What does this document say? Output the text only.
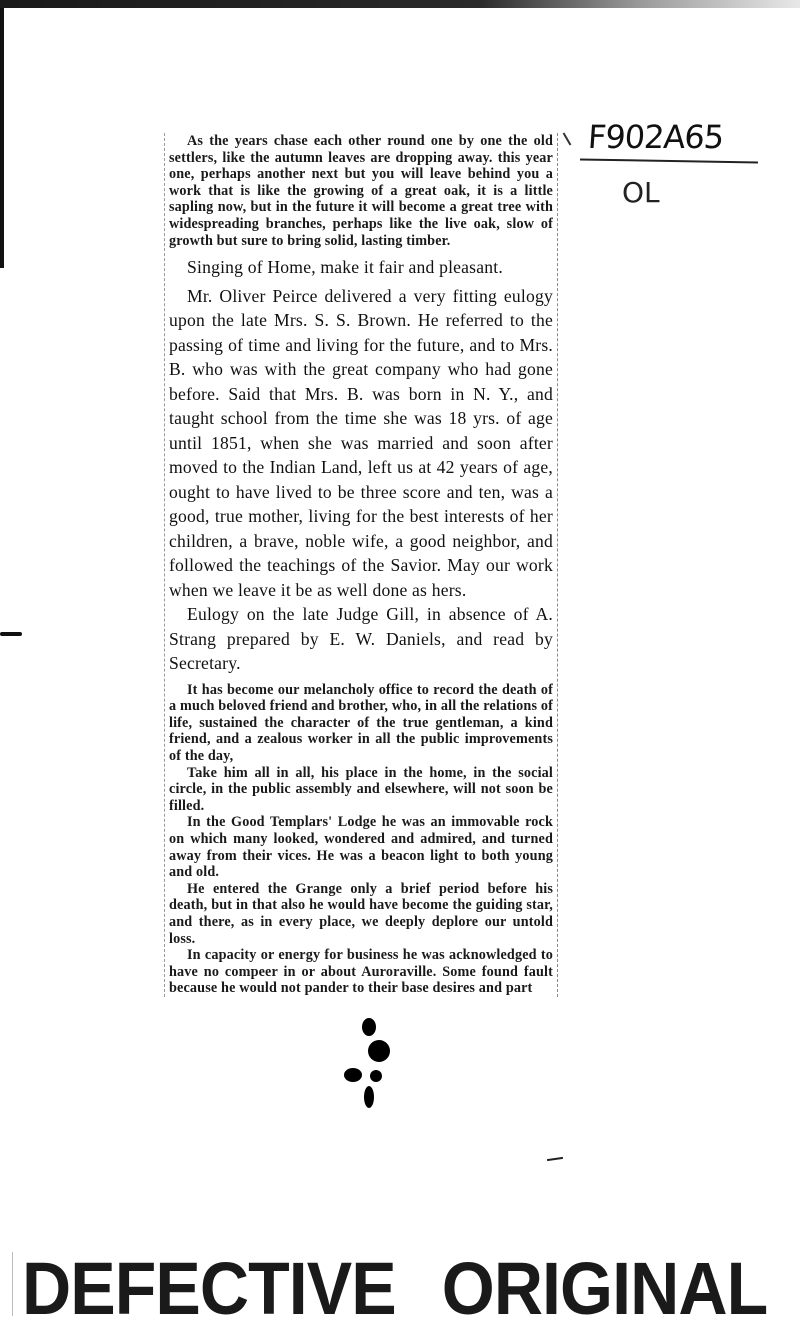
F902A65
OL

As the years chase each other round one by one the old settlers, like the autumn leaves are dropping away. this year one, perhaps another next but you will leave behind you a work that is like the growing of a great oak, it is a little sapling now, but in the future it will become a great tree with widespreading branches, perhaps like the live oak, slow of growth but sure to bring solid, lasting timber.

Singing of Home, make it fair and pleasant.

Mr. Oliver Peirce delivered a very fitting eulogy upon the late Mrs. S. S. Brown. He referred to the passing of time and living for the future, and to Mrs. B. who was with the great company who had gone before. Said that Mrs. B. was born in N. Y., and taught school from the time she was 18 yrs. of age until 1851, when she was married and soon after moved to the Indian Land, left us at 42 years of age, ought to have lived to be three score and ten, was a good, true mother, living for the best interests of her children, a brave, noble wife, a good neighbor, and followed the teachings of the Savior. May our work when we leave it be as well done as hers.

Eulogy on the late Judge Gill, in absence of A. Strang prepared by E. W. Daniels, and read by Secretary.

It has become our melancholy office to record the death of a much beloved friend and brother, who, in all the relations of life, sustained the character of the true gentleman, a kind friend, and a zealous worker in all the public improvements of the day,

Take him all in all, his place in the home, in the social circle, in the public assembly and elsewhere, will not soon be filled.

In the Good Templars' Lodge he was an immovable rock on which many looked, wondered and admired, and turned away from their vices. He was a beacon light to both young and old.

He entered the Grange only a brief period before his death, but in that also he would have become the guiding star, and there, as in every place, we deeply deplore our untold loss.

In capacity or energy for business he was acknowledged to have no compeer in or about Auroraville. Some found fault because he would not pander to their base desires and part

DEFECTIVE ORIGINAL
